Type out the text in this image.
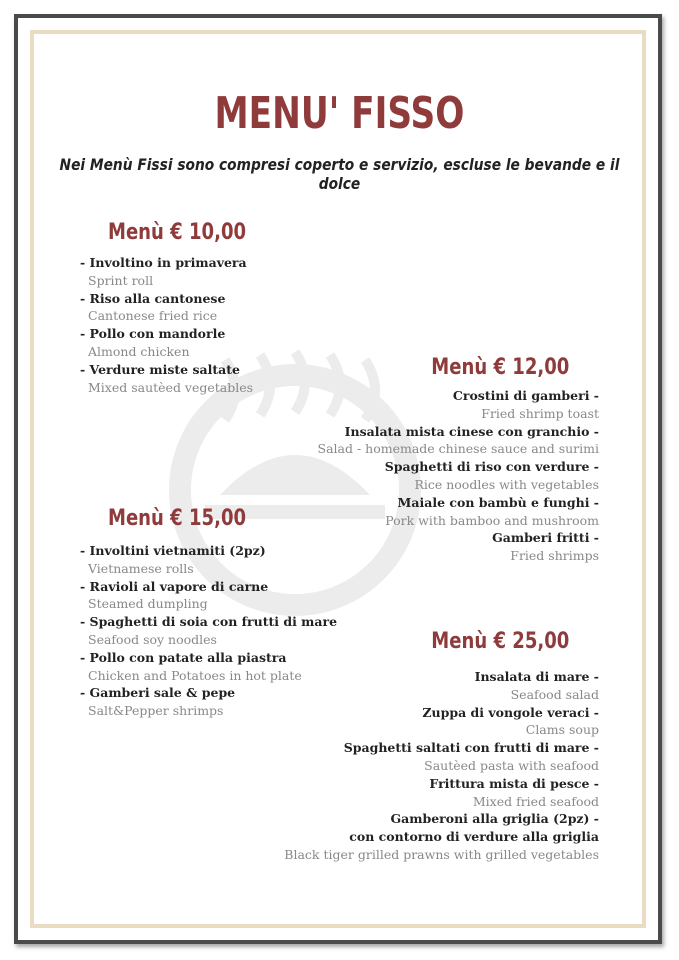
MENU' FISSO
Nei Menù Fissi sono compresi coperto e servizio, escluse le bevande e il dolce
Menù € 10,00
- Involtino in primavera
Sprint roll
- Riso alla cantonese
Cantonese fried rice
- Pollo con mandorle
Almond chicken
- Verdure miste saltate
Mixed sautèed vegetables
Menù € 12,00
Crostini di gamberi -
Fried shrimp toast
Insalata mista cinese con granchio -
Salad - homemade chinese sauce and surimi
Spaghetti di riso con verdure -
Rice noodles with vegetables
Maiale con bambù e funghi -
Pork with bamboo and mushroom
Gamberi fritti -
Fried shrimps
Menù € 15,00
- Involtini vietnamiti (2pz)
Vietnamese rolls
- Ravioli al vapore di carne
Steamed dumpling
- Spaghetti di soia con frutti di mare
Seafood soy noodles
- Pollo con patate alla piastra
Chicken and Potatoes in hot plate
- Gamberi sale & pepe
Salt&Pepper shrimps
Menù € 25,00
Insalata di mare -
Seafood salad
Zuppa di vongole veraci -
Clams soup
Spaghetti saltati con frutti di mare -
Sautèed pasta with seafood
Frittura mista di pesce -
Mixed fried seafood
Gamberoni alla griglia (2pz) -
con contorno di verdure alla griglia
Black tiger grilled prawns with grilled vegetables
